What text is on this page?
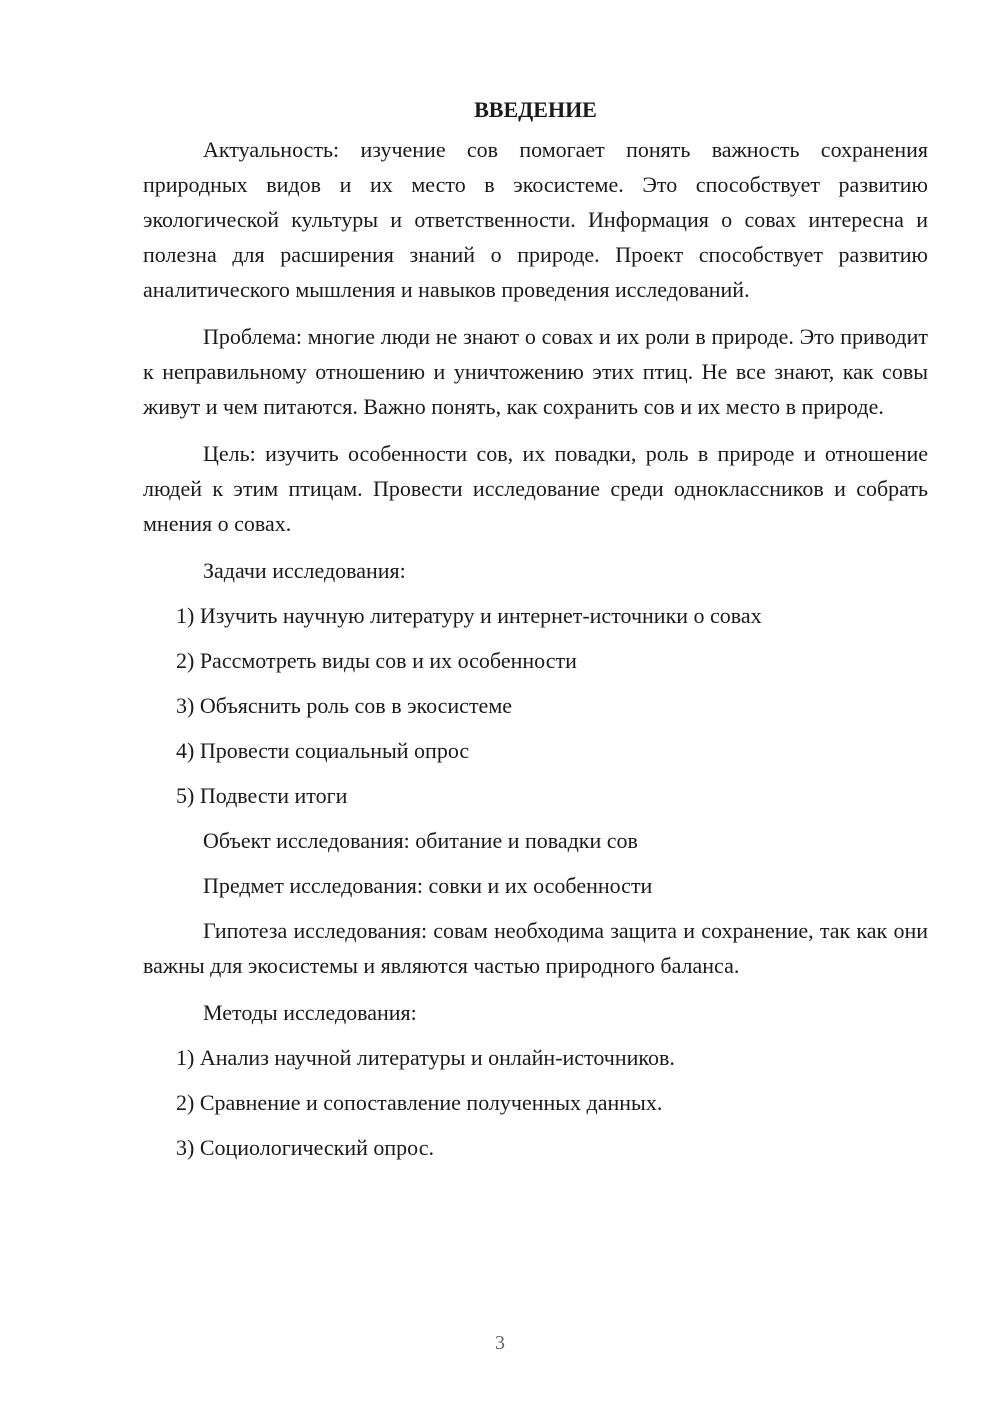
ВВЕДЕНИЕ

Актуальность: изучение сов помогает понять важность сохранения природных видов и их место в экосистеме. Это способствует развитию экологической культуры и ответственности. Информация о совах интересна и полезна для расширения знаний о природе. Проект способствует развитию аналитического мышления и навыков проведения исследований.

Проблема: многие люди не знают о совах и их роли в природе. Это приводит к неправильному отношению и уничтожению этих птиц. Не все знают, как совы живут и чем питаются. Важно понять, как сохранить сов и их место в природе.

Цель: изучить особенности сов, их повадки, роль в природе и отношение людей к этим птицам. Провести исследование среди одноклассников и собрать мнения о совах.

Задачи исследования:
1) Изучить научную литературу и интернет-источники о совах
2) Рассмотреть виды сов и их особенности
3) Объяснить роль сов в экосистеме
4) Провести социальный опрос
5) Подвести итоги
Объект исследования: обитание и повадки сов
Предмет исследования: совки и их особенности

Гипотеза исследования: совам необходима защита и сохранение, так как они важны для экосистемы и являются частью природного баланса.

Методы исследования:
1) Анализ научной литературы и онлайн-источников.
2) Сравнение и сопоставление полученных данных.
3) Социологический опрос.
3
